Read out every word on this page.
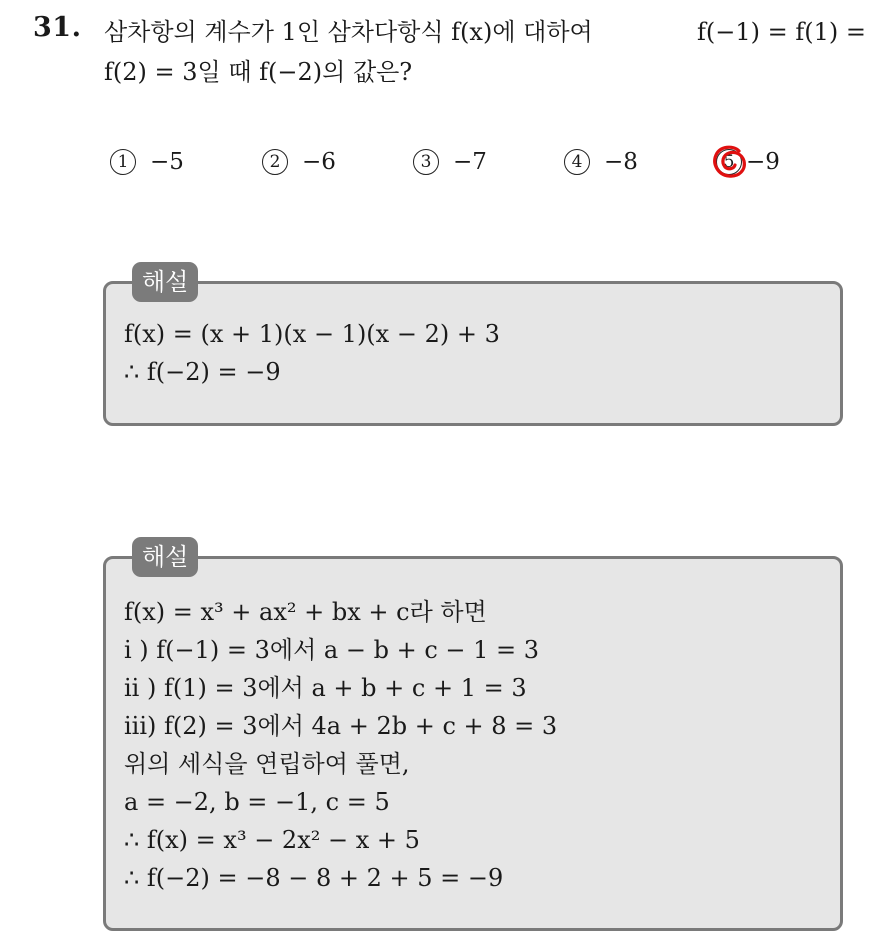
31. 삼차항의 계수가 1인 삼차다항식 f(x)에 대하여	f(−1) = f(1) =
f(2) = 3일 때 f(−2)의 값은?
1 −5	2 −6	3 −7	4 −8	5 −9
해설
f(x) = (x + 1)(x − 1)(x − 2) + 3
∴ f(−2) = −9
해설
f(x) = x³ + ax² + bx + c라 하면
i ) f(−1) = 3에서 a − b + c − 1 = 3
ii ) f(1) = 3에서 a + b + c + 1 = 3
iii) f(2) = 3에서 4a + 2b + c + 8 = 3
위의 세식을 연립하여 풀면,
a = −2, b = −1, c = 5
∴ f(x) = x³ − 2x² − x + 5
∴ f(−2) = −8 − 8 + 2 + 5 = −9
